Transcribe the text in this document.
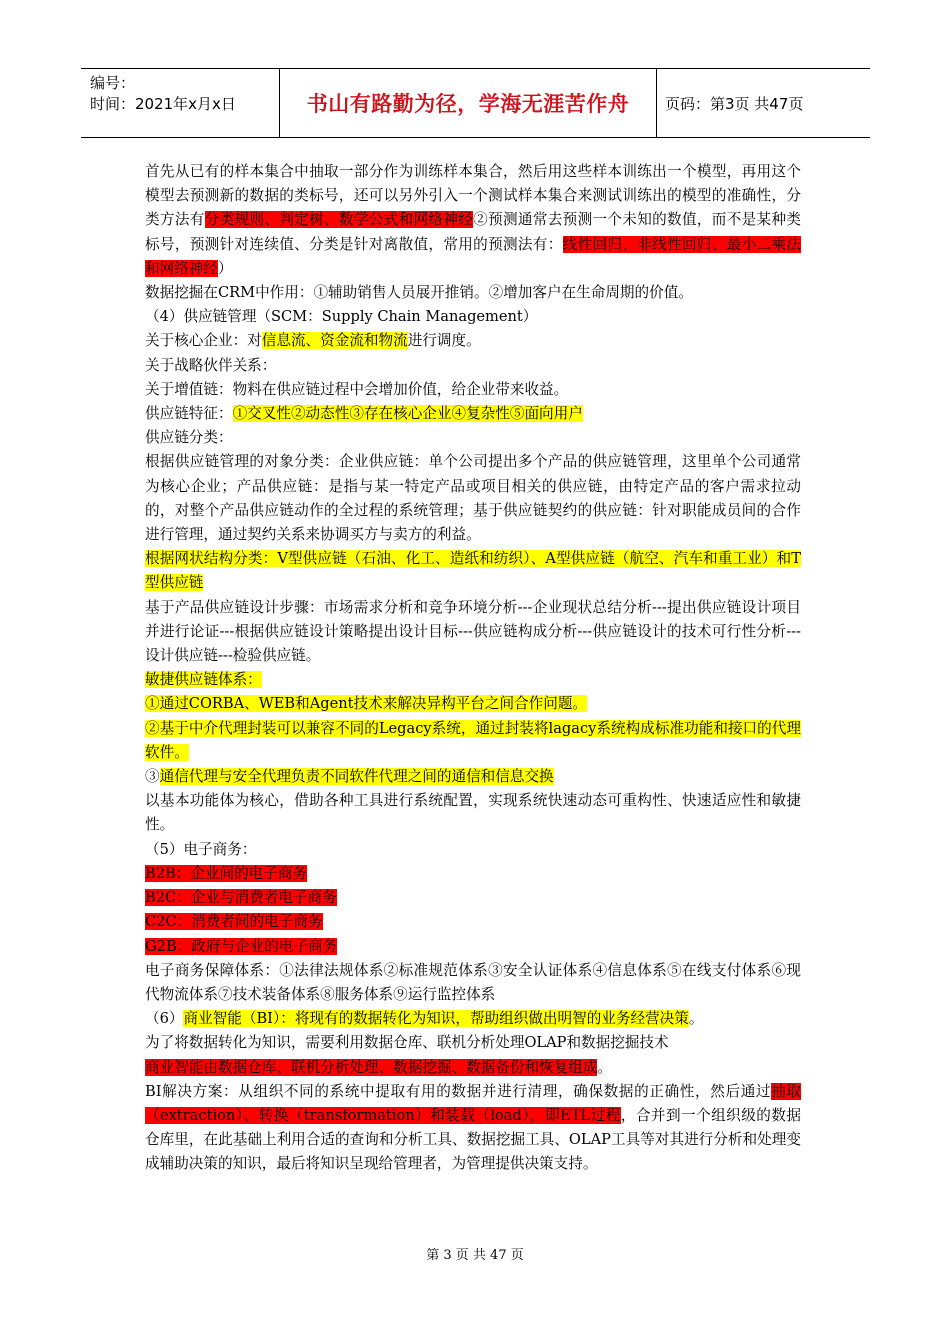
编号：
时间：2021年x月x日	书山有路勤为径，学海无涯苦作舟	页码：第3页 共47页

首先从已有的样本集合中抽取一部分作为训练样本集合，然后用这些样本训练出一个模型，再用这个模型去预测新的数据的类标号，还可以另外引入一个测试样本集合来测试训练出的模型的准确性，分类方法有分类规则、判定树、数学公式和网络神经②预测通常去预测一个未知的数值，而不是某种类标号，预测针对连续值、分类是针对离散值，常用的预测法有：线性回归、非线性回归、最小二乘法和网络神经）

数据挖掘在CRM中作用：①辅助销售人员展开推销。②增加客户在生命周期的价值。

（4）供应链管理（SCM：Supply Chain Management）

关于核心企业：对信息流、资金流和物流进行调度。

关于战略伙伴关系：

关于增值链：物料在供应链过程中会增加价值，给企业带来收益。

供应链特征：①交叉性②动态性③存在核心企业④复杂性⑤面向用户

供应链分类：

根据供应链管理的对象分类：企业供应链：单个公司提出多个产品的供应链管理，这里单个公司通常为核心企业；产品供应链：是指与某一特定产品或项目相关的供应链，由特定产品的客户需求拉动的，对整个产品供应链动作的全过程的系统管理；基于供应链契约的供应链：针对职能成员间的合作进行管理，通过契约关系来协调买方与卖方的利益。

根据网状结构分类：V型供应链（石油、化工、造纸和纺织）、A型供应链（航空、汽车和重工业）和T型供应链

基于产品供应链设计步骤：市场需求分析和竞争环境分析---企业现状总结分析---提出供应链设计项目并进行论证---根据供应链设计策略提出设计目标---供应链构成分析---供应链设计的技术可行性分析---设计供应链---检验供应链。

敏捷供应链体系：

①通过CORBA、WEB和Agent技术来解决异构平台之间合作问题。

②基于中介代理封装可以兼容不同的Legacy系统，通过封装将lagacy系统构成标准功能和接口的代理软件。

③通信代理与安全代理负责不同软件代理之间的通信和信息交换

以基本功能体为核心，借助各种工具进行系统配置，实现系统快速动态可重构性、快速适应性和敏捷性。

（5）电子商务：

B2B：企业间的电子商务

B2C：企业与消费者电子商务

C2C：消费者间的电子商务

G2B：政府与企业的电子商务

电子商务保障体系：①法律法规体系②标准规范体系③安全认证体系④信息体系⑤在线支付体系⑥现代物流体系⑦技术装备体系⑧服务体系⑨运行监控体系

（6）商业智能（BI）：将现有的数据转化为知识，帮助组织做出明智的业务经营决策。

为了将数据转化为知识，需要利用数据仓库、联机分析处理OLAP和数据挖掘技术

商业智能由数据仓库、联机分析处理、数据挖掘、数据备份和恢复组成。

BI解决方案：从组织不同的系统中提取有用的数据并进行清理，确保数据的正确性，然后通过抽取（extraction）、转换（transformation）和装载（load），即ETL过程，合并到一个组织级的数据仓库里，在此基础上利用合适的查询和分析工具、数据挖掘工具、OLAP工具等对其进行分析和处理变成辅助决策的知识，最后将知识呈现给管理者，为管理提供决策支持。

第 3 页 共 47 页
